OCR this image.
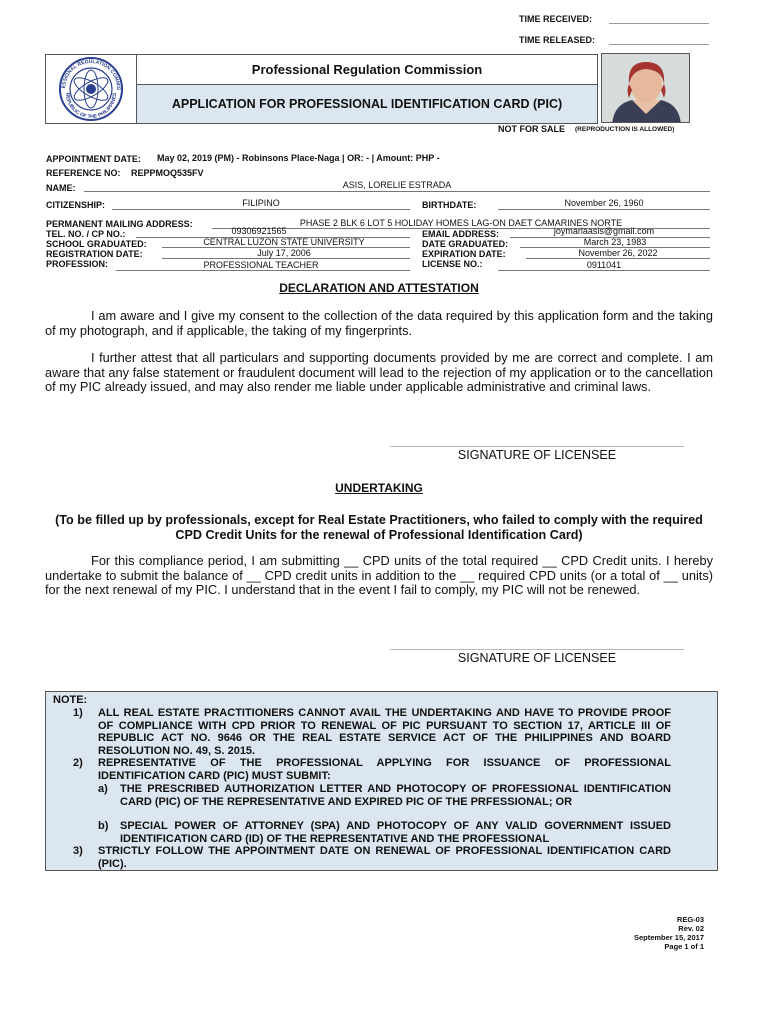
TIME RECEIVED:
TIME RELEASED:
ESSIONAL REGULATION COMMIS
REPUBLIC OF THE PHILIPPINES
Professional Regulation Commission
APPLICATION FOR PROFESSIONAL IDENTIFICATION CARD (PIC)
NOT FOR SALE (REPRODUCTION IS ALLOWED)
APPOINTMENT DATE: May 02, 2019 (PM) - Robinsons Place-Naga | OR: - | Amount: PHP -
REFERENCE NO: REPPMOQ535FV
NAME:	ASIS, LORELIE ESTRADA
CITIZENSHIP:	FILIPINO	BIRTHDATE:	November 26, 1960
PERMANENT MAILING ADDRESS:	PHASE 2 BLK 6 LOT 5 HOLIDAY HOMES LAG-ON DAET CAMARINES NORTE
TEL. NO. / CP NO.:	09306921565	EMAIL ADDRESS:	joymarlaasis@gmail.com
SCHOOL GRADUATED:	CENTRAL LUZON STATE UNIVERSITY	DATE GRADUATED:	March 23, 1983
REGISTRATION DATE:	July 17, 2006	EXPIRATION DATE:	November 26, 2022
PROFESSION:	PROFESSIONAL TEACHER	LICENSE NO.:	0911041
DECLARATION AND ATTESTATION
I am aware and I give my consent to the collection of the data required by this application form and the taking of my photograph, and if applicable, the taking of my fingerprints.
I further attest that all particulars and supporting documents provided by me are correct and complete. I am aware that any false statement or fraudulent document will lead to the rejection of my application or to the cancellation of my PIC already issued, and may also render me liable under applicable administrative and criminal laws.
SIGNATURE OF LICENSEE
UNDERTAKING
(To be filled up by professionals, except for Real Estate Practitioners, who failed to comply with the required CPD Credit Units for the renewal of Professional Identification Card)
For this compliance period, I am submitting __ CPD units of the total required __ CPD Credit units. I hereby undertake to submit the balance of __ CPD credit units in addition to the __ required CPD units (or a total of __ units) for the next renewal of my PIC. I understand that in the event I fail to comply, my PIC will not be renewed.
SIGNATURE OF LICENSEE
NOTE:
1) ALL REAL ESTATE PRACTITIONERS CANNOT AVAIL THE UNDERTAKING AND HAVE TO PROVIDE PROOF OF COMPLIANCE WITH CPD PRIOR TO RENEWAL OF PIC PURSUANT TO SECTION 17, ARTICLE III OF REPUBLIC ACT NO. 9646 OR THE REAL ESTATE SERVICE ACT OF THE PHILIPPINES AND BOARD RESOLUTION NO. 49, S. 2015.
2) REPRESENTATIVE OF THE PROFESSIONAL APPLYING FOR ISSUANCE OF PROFESSIONAL IDENTIFICATION CARD (PIC) MUST SUBMIT:
a) THE PRESCRIBED AUTHORIZATION LETTER AND PHOTOCOPY OF PROFESSIONAL IDENTIFICATION CARD (PIC) OF THE REPRESENTATIVE AND EXPIRED PIC OF THE PRFESSIONAL; OR
b) SPECIAL POWER OF ATTORNEY (SPA) AND PHOTOCOPY OF ANY VALID GOVERNMENT ISSUED IDENTIFICATION CARD (ID) OF THE REPRESENTATIVE AND THE PROFESSIONAL
3) STRICTLY FOLLOW THE APPOINTMENT DATE ON RENEWAL OF PROFESSIONAL IDENTIFICATION CARD (PIC).
REG-03
Rev. 02
September 15, 2017
Page 1 of 1
